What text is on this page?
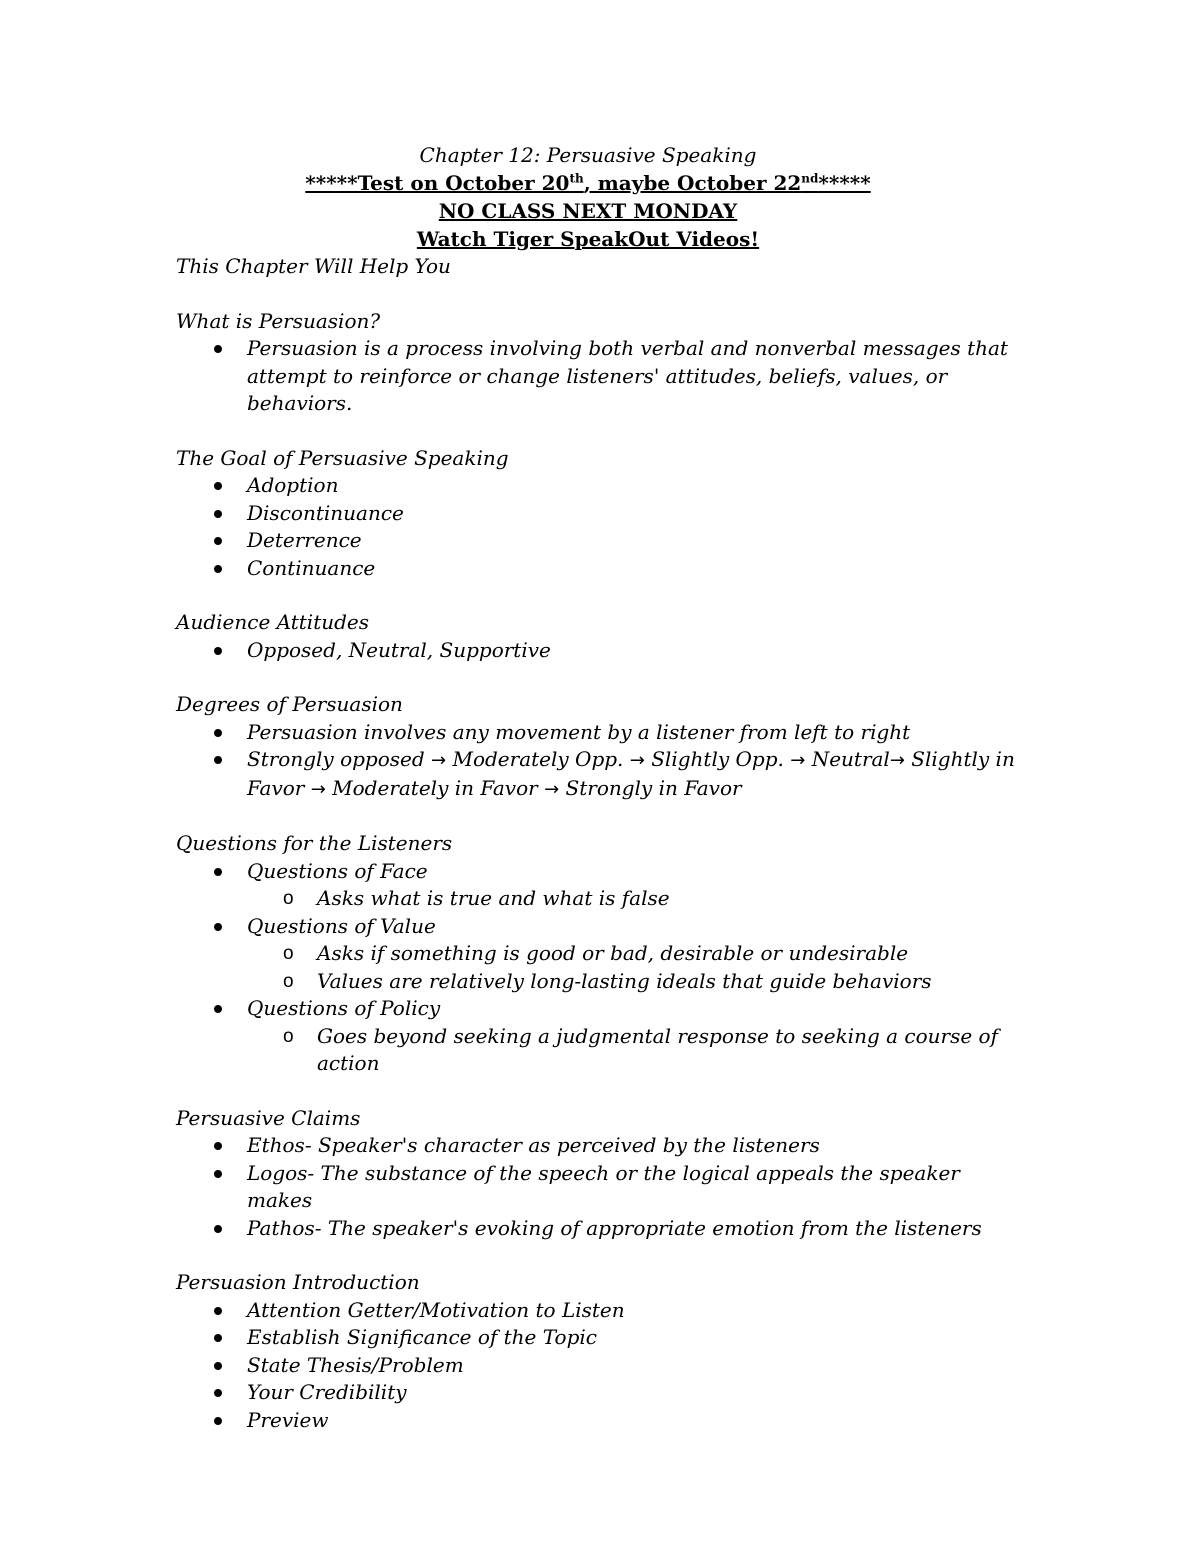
Chapter 12: Persuasive Speaking
*****Test on October 20th, maybe October 22nd*****
NO CLASS NEXT MONDAY
Watch Tiger SpeakOut Videos!
This Chapter Will Help You
What is Persuasion?
Persuasion is a process involving both verbal and nonverbal messages that
attempt to reinforce or change listeners' attitudes, beliefs, values, or behaviors.
The Goal of Persuasive Speaking
Adoption
Discontinuance
Deterrence
Continuance
Audience Attitudes
Opposed, Neutral, Supportive
Degrees of Persuasion
Persuasion involves any movement by a listener from left to right
Strongly opposed → Moderately Opp. → Slightly Opp. → Neutral→ Slightly in
Favor → Moderately in Favor → Strongly in Favor
Questions for the Listeners
Questions of Face
o Asks what is true and what is false
Questions of Value
o Asks if something is good or bad, desirable or undesirable
o Values are relatively long-lasting ideals that guide behaviors
Questions of Policy
o Goes beyond seeking a judgmental response to seeking a course of
action
Persuasive Claims
Ethos- Speaker's character as perceived by the listeners
Logos- The substance of the speech or the logical appeals the speaker makes
Pathos- The speaker's evoking of appropriate emotion from the listeners
Persuasion Introduction
Attention Getter/Motivation to Listen
Establish Significance of the Topic
State Thesis/Problem
Your Credibility
Preview
